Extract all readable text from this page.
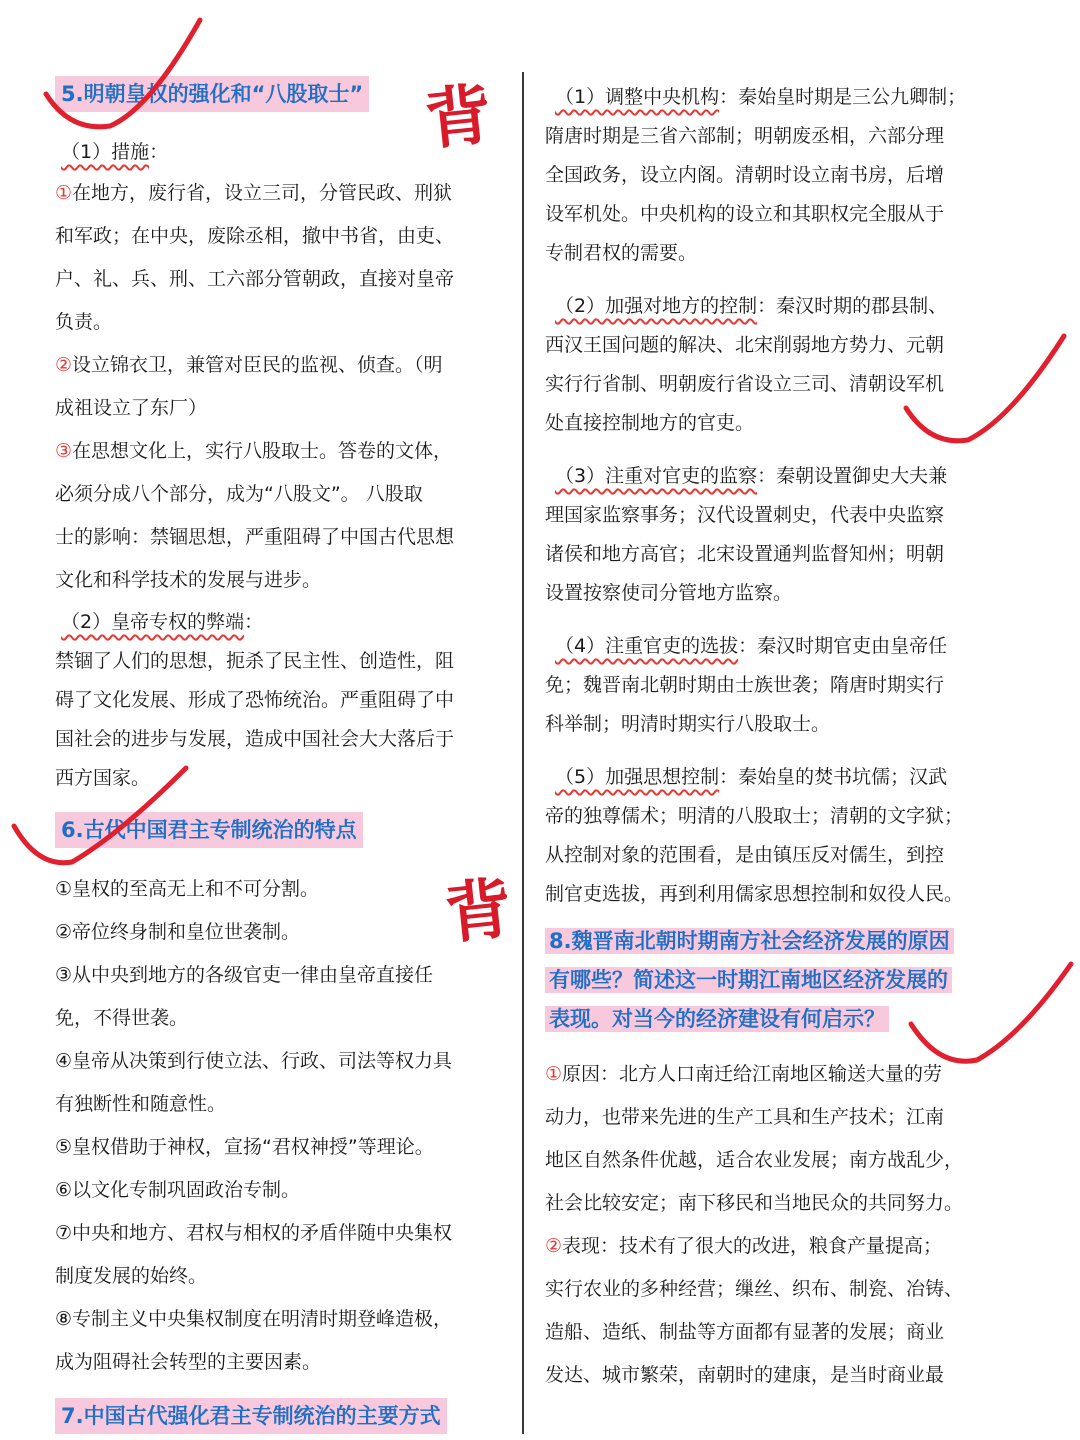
5.明朝皇权的强化和“八股取士”
（1）措施：

①在地方，废行省，设立三司，分管民政、刑狱

和军政；在中央，废除丞相，撤中书省，由吏、

户、礼、兵、刑、工六部分管朝政，直接对皇帝

负责。

②设立锦衣卫，兼管对臣民的监视、侦查。（明

成祖设立了东厂）

③在思想文化上，实行八股取士。答卷的文体，

必须分成八个部分，成为“八股文”。 八股取

士的影响：禁锢思想，严重阻碍了中国古代思想

文化和科学技术的发展与进步。

（2）皇帝专权的弊端：

禁锢了人们的思想，扼杀了民主性、创造性，阻

碍了文化发展、形成了恐怖统治。严重阻碍了中

国社会的进步与发展，造成中国社会大大落后于

西方国家。

6.古代中国君主专制统治的特点

①皇权的至高无上和不可分割。

②帝位终身制和皇位世袭制。

③从中央到地方的各级官吏一律由皇帝直接任

免，不得世袭。

④皇帝从决策到行使立法、行政、司法等权力具

有独断性和随意性。

⑤皇权借助于神权，宣扬“君权神授”等理论。

⑥以文化专制巩固政治专制。

⑦中央和地方、君权与相权的矛盾伴随中央集权

制度发展的始终。

⑧专制主义中央集权制度在明清时期登峰造极，

成为阻碍社会转型的主要因素。

7.中国古代强化君主专制统治的主要方式

（1）调整中央机构：秦始皇时期是三公九卿制；

隋唐时期是三省六部制；明朝废丞相，六部分理

全国政务，设立内阁。清朝时设立南书房，后增

设军机处。中央机构的设立和其职权完全服从于

专制君权的需要。

（2）加强对地方的控制：秦汉时期的郡县制、

西汉王国问题的解决、北宋削弱地方势力、元朝

实行行省制、明朝废行省设立三司、清朝设军机

处直接控制地方的官吏。

（3）注重对官吏的监察：秦朝设置御史大夫兼

理国家监察事务；汉代设置刺史，代表中央监察

诸侯和地方高官；北宋设置通判监督知州；明朝

设置按察使司分管地方监察。

（4）注重官吏的选拔：秦汉时期官吏由皇帝任

免；魏晋南北朝时期由士族世袭；隋唐时期实行

科举制；明清时期实行八股取士。

（5）加强思想控制：秦始皇的焚书坑儒；汉武

帝的独尊儒术；明清的八股取士；清朝的文字狱；

从控制对象的范围看，是由镇压反对儒生，到控

制官吏选拔，再到利用儒家思想控制和奴役人民。

8.魏晋南北朝时期南方社会经济发展的原因
有哪些？简述这一时期江南地区经济发展的
表现。对当今的经济建设有何启示？

①原因：北方人口南迁给江南地区输送大量的劳

动力，也带来先进的生产工具和生产技术；江南

地区自然条件优越，适合农业发展；南方战乱少，

社会比较安定；南下移民和当地民众的共同努力。

②表现：技术有了很大的改进，粮食产量提高；

实行农业的多种经营；缫丝、织布、制瓷、冶铸、

造船、造纸、制盐等方面都有显著的发展；商业

发达、城市繁荣，南朝时的建康，是当时商业最

背
背
